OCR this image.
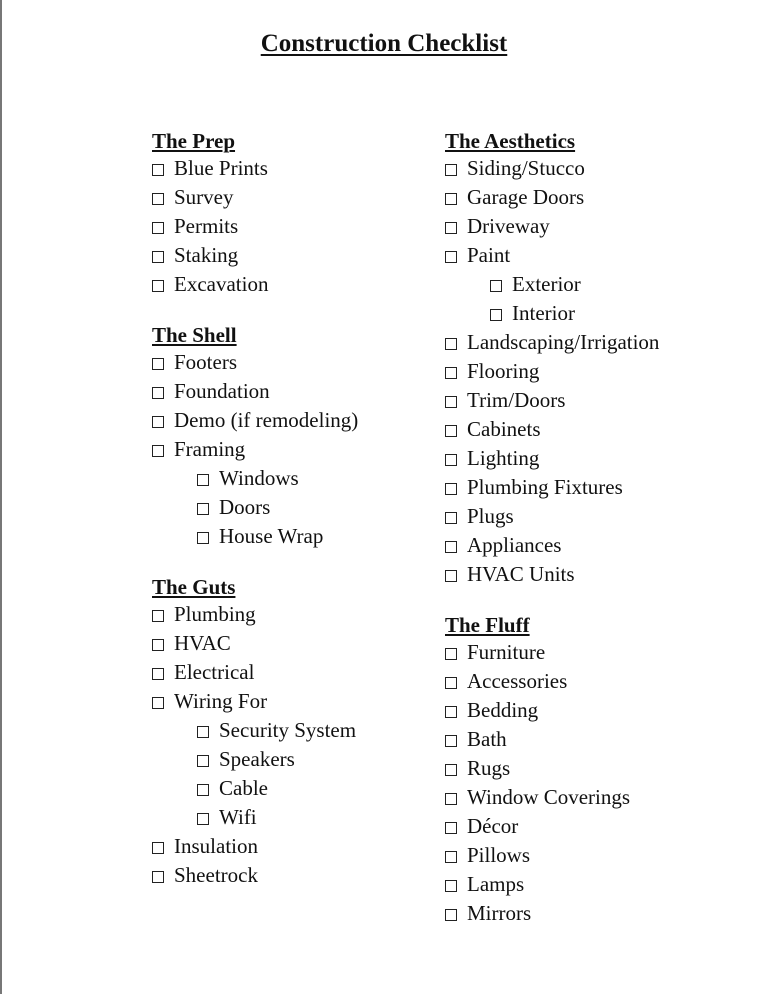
Construction Checklist
The Prep
Blue Prints
Survey
Permits
Staking
Excavation
The Shell
Footers
Foundation
Demo (if remodeling)
Framing
Windows
Doors
House Wrap
The Guts
Plumbing
HVAC
Electrical
Wiring For
Security System
Speakers
Cable
Wifi
Insulation
Sheetrock
The Aesthetics
Siding/Stucco
Garage Doors
Driveway
Paint
Exterior
Interior
Landscaping/Irrigation
Flooring
Trim/Doors
Cabinets
Lighting
Plumbing Fixtures
Plugs
Appliances
HVAC Units
The Fluff
Furniture
Accessories
Bedding
Bath
Rugs
Window Coverings
Décor
Pillows
Lamps
Mirrors
